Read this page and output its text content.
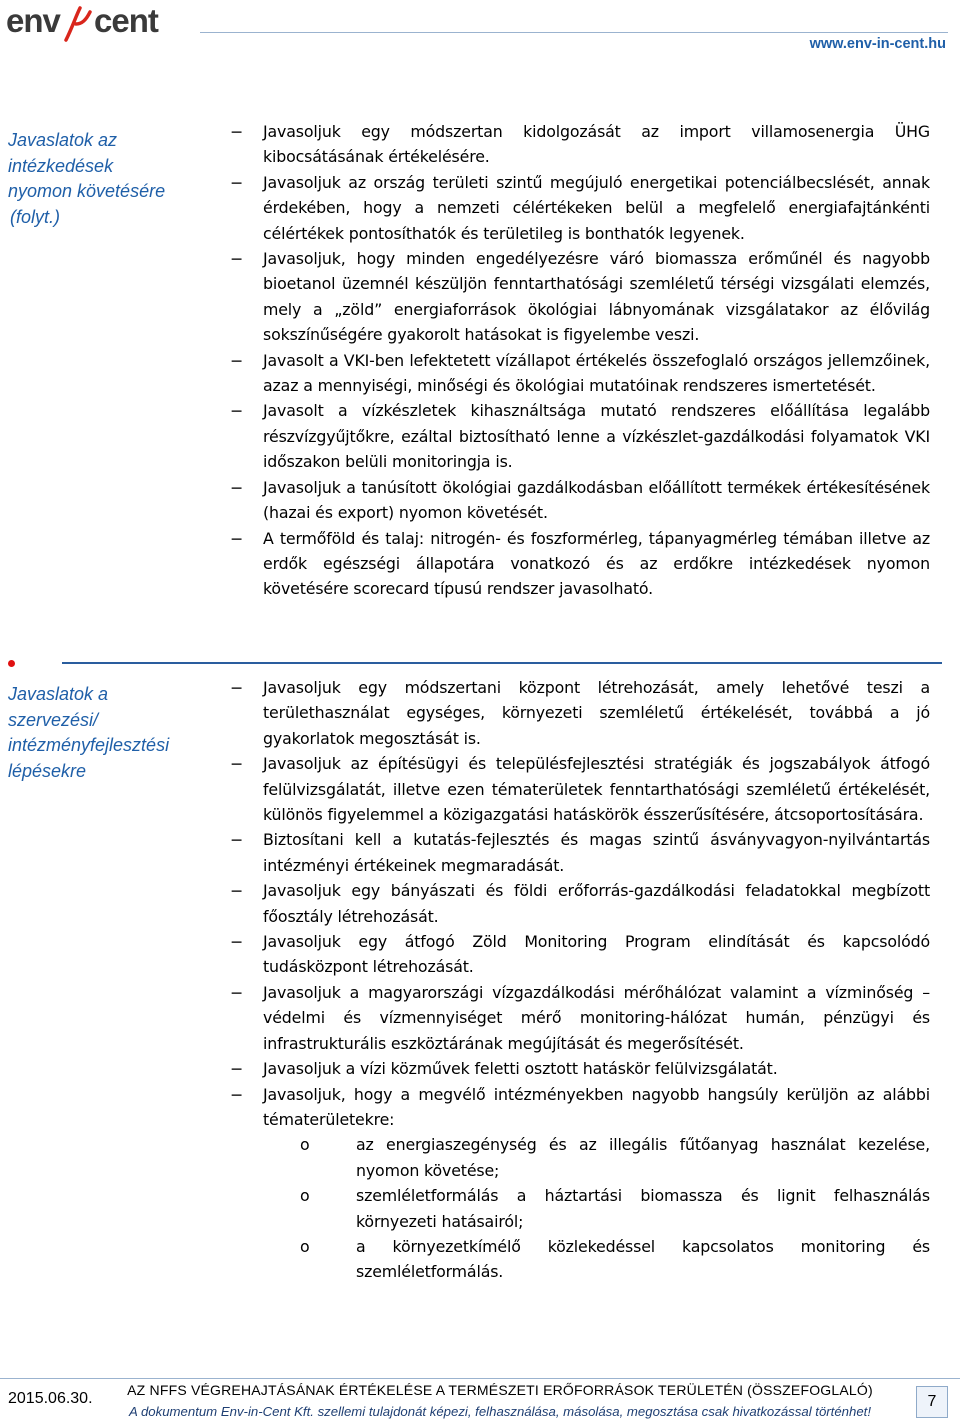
env cent
www.env-in-cent.hu
Javaslatok az
intézkedések
nyomon követésére
(folyt.)

− Javasoljuk egy módszertan kidolgozását az import villamosenergia ÜHG kibocsátásának értékelésére.

− Javasoljuk az ország területi szintű megújuló energetikai potenciálbecslését, annak érdekében, hogy a nemzeti célértékeken belül a megfelelő energiafajtánkénti célértékek pontosíthatók és területileg is bonthatók legyenek.

− Javasoljuk, hogy minden engedélyezésre váró biomassza erőműnél és nagyobb bioetanol üzemnél készüljön fenntarthatósági szemléletű térségi vizsgálati elemzés, mely a „zöld” energiaforrások ökológiai lábnyomának vizsgálatakor az élővilág sokszínűségére gyakorolt hatásokat is figyelembe veszi.

− Javasolt a VKI-ben lefektetett vízállapot értékelés összefoglaló országos jellemzőinek, azaz a mennyiségi, minőségi és ökológiai mutatóinak rendszeres ismertetését.

− Javasolt a vízkészletek kihasználtsága mutató rendszeres előállítása legalább részvízgyűjtőkre, ezáltal biztosítható lenne a vízkészlet-gazdálkodási folyamatok VKI időszakon belüli monitoringja is.

− Javasoljuk a tanúsított ökológiai gazdálkodásban előállított termékek értékesítésének (hazai és export) nyomon követését.

− A termőföld és talaj: nitrogén- és foszformérleg, tápanyagmérleg témában illetve az erdők egészségi állapotára vonatkozó és az erdőkre intézkedések nyomon követésére scorecard típusú rendszer javasolható.

Javaslatok a
szervezési/
intézményfejlesztési
lépésekre

− Javasoljuk egy módszertani központ létrehozását, amely lehetővé teszi a területhasználat egységes, környezeti szemléletű értékelését, továbbá a jó gyakorlatok megosztását is.

− Javasoljuk az építésügyi és településfejlesztési stratégiák és jogszabályok átfogó felülvizsgálatát, illetve ezen tématerületek fenntarthatósági szemléletű értékelését, különös figyelemmel a közigazgatási hatáskörök ésszerűsítésére, átcsoportosítására.

− Biztosítani kell a kutatás-fejlesztés és magas szintű ásványvagyon-nyilvántartás intézményi értékeinek megmaradását.

− Javasoljuk egy bányászati és földi erőforrás-gazdálkodási feladatokkal megbízott főosztály létrehozását.

− Javasoljuk egy átfogó Zöld Monitoring Program elindítását és kapcsolódó tudásközpont létrehozását.

− Javasoljuk a magyarországi vízgazdálkodási mérőhálózat valamint a vízminőség – védelmi és vízmennyiséget mérő monitoring-hálózat humán, pénzügyi és infrastrukturális eszköztárának megújítását és megerősítését.

− Javasoljuk a vízi közművek feletti osztott hatáskör felülvizsgálatát.

− Javasoljuk, hogy a megvélő intézményekben nagyobb hangsúly kerüljön az alábbi tématerületekre:

o	az energiaszegénység és az illegális fűtőanyag használat kezelése, nyomon követése;

o	szemléletformálás a háztartási biomassza és lignit felhasználás környezeti hatásairól;

o	a környezetkímélő közlekedéssel kapcsolatos monitoring és szemléletformálás.

2015.06.30.	AZ NFFS VÉGREHAJTÁSÁNAK ÉRTÉKELÉSE A TERMÉSZETI ERŐFORRÁSOK TERÜLETÉN (ÖSSZEFOGLALÓ)
A dokumentum Env-in-Cent Kft. szellemi tulajdonát képezi, felhasználása, másolása, megosztása csak hivatkozással történhet!
7
